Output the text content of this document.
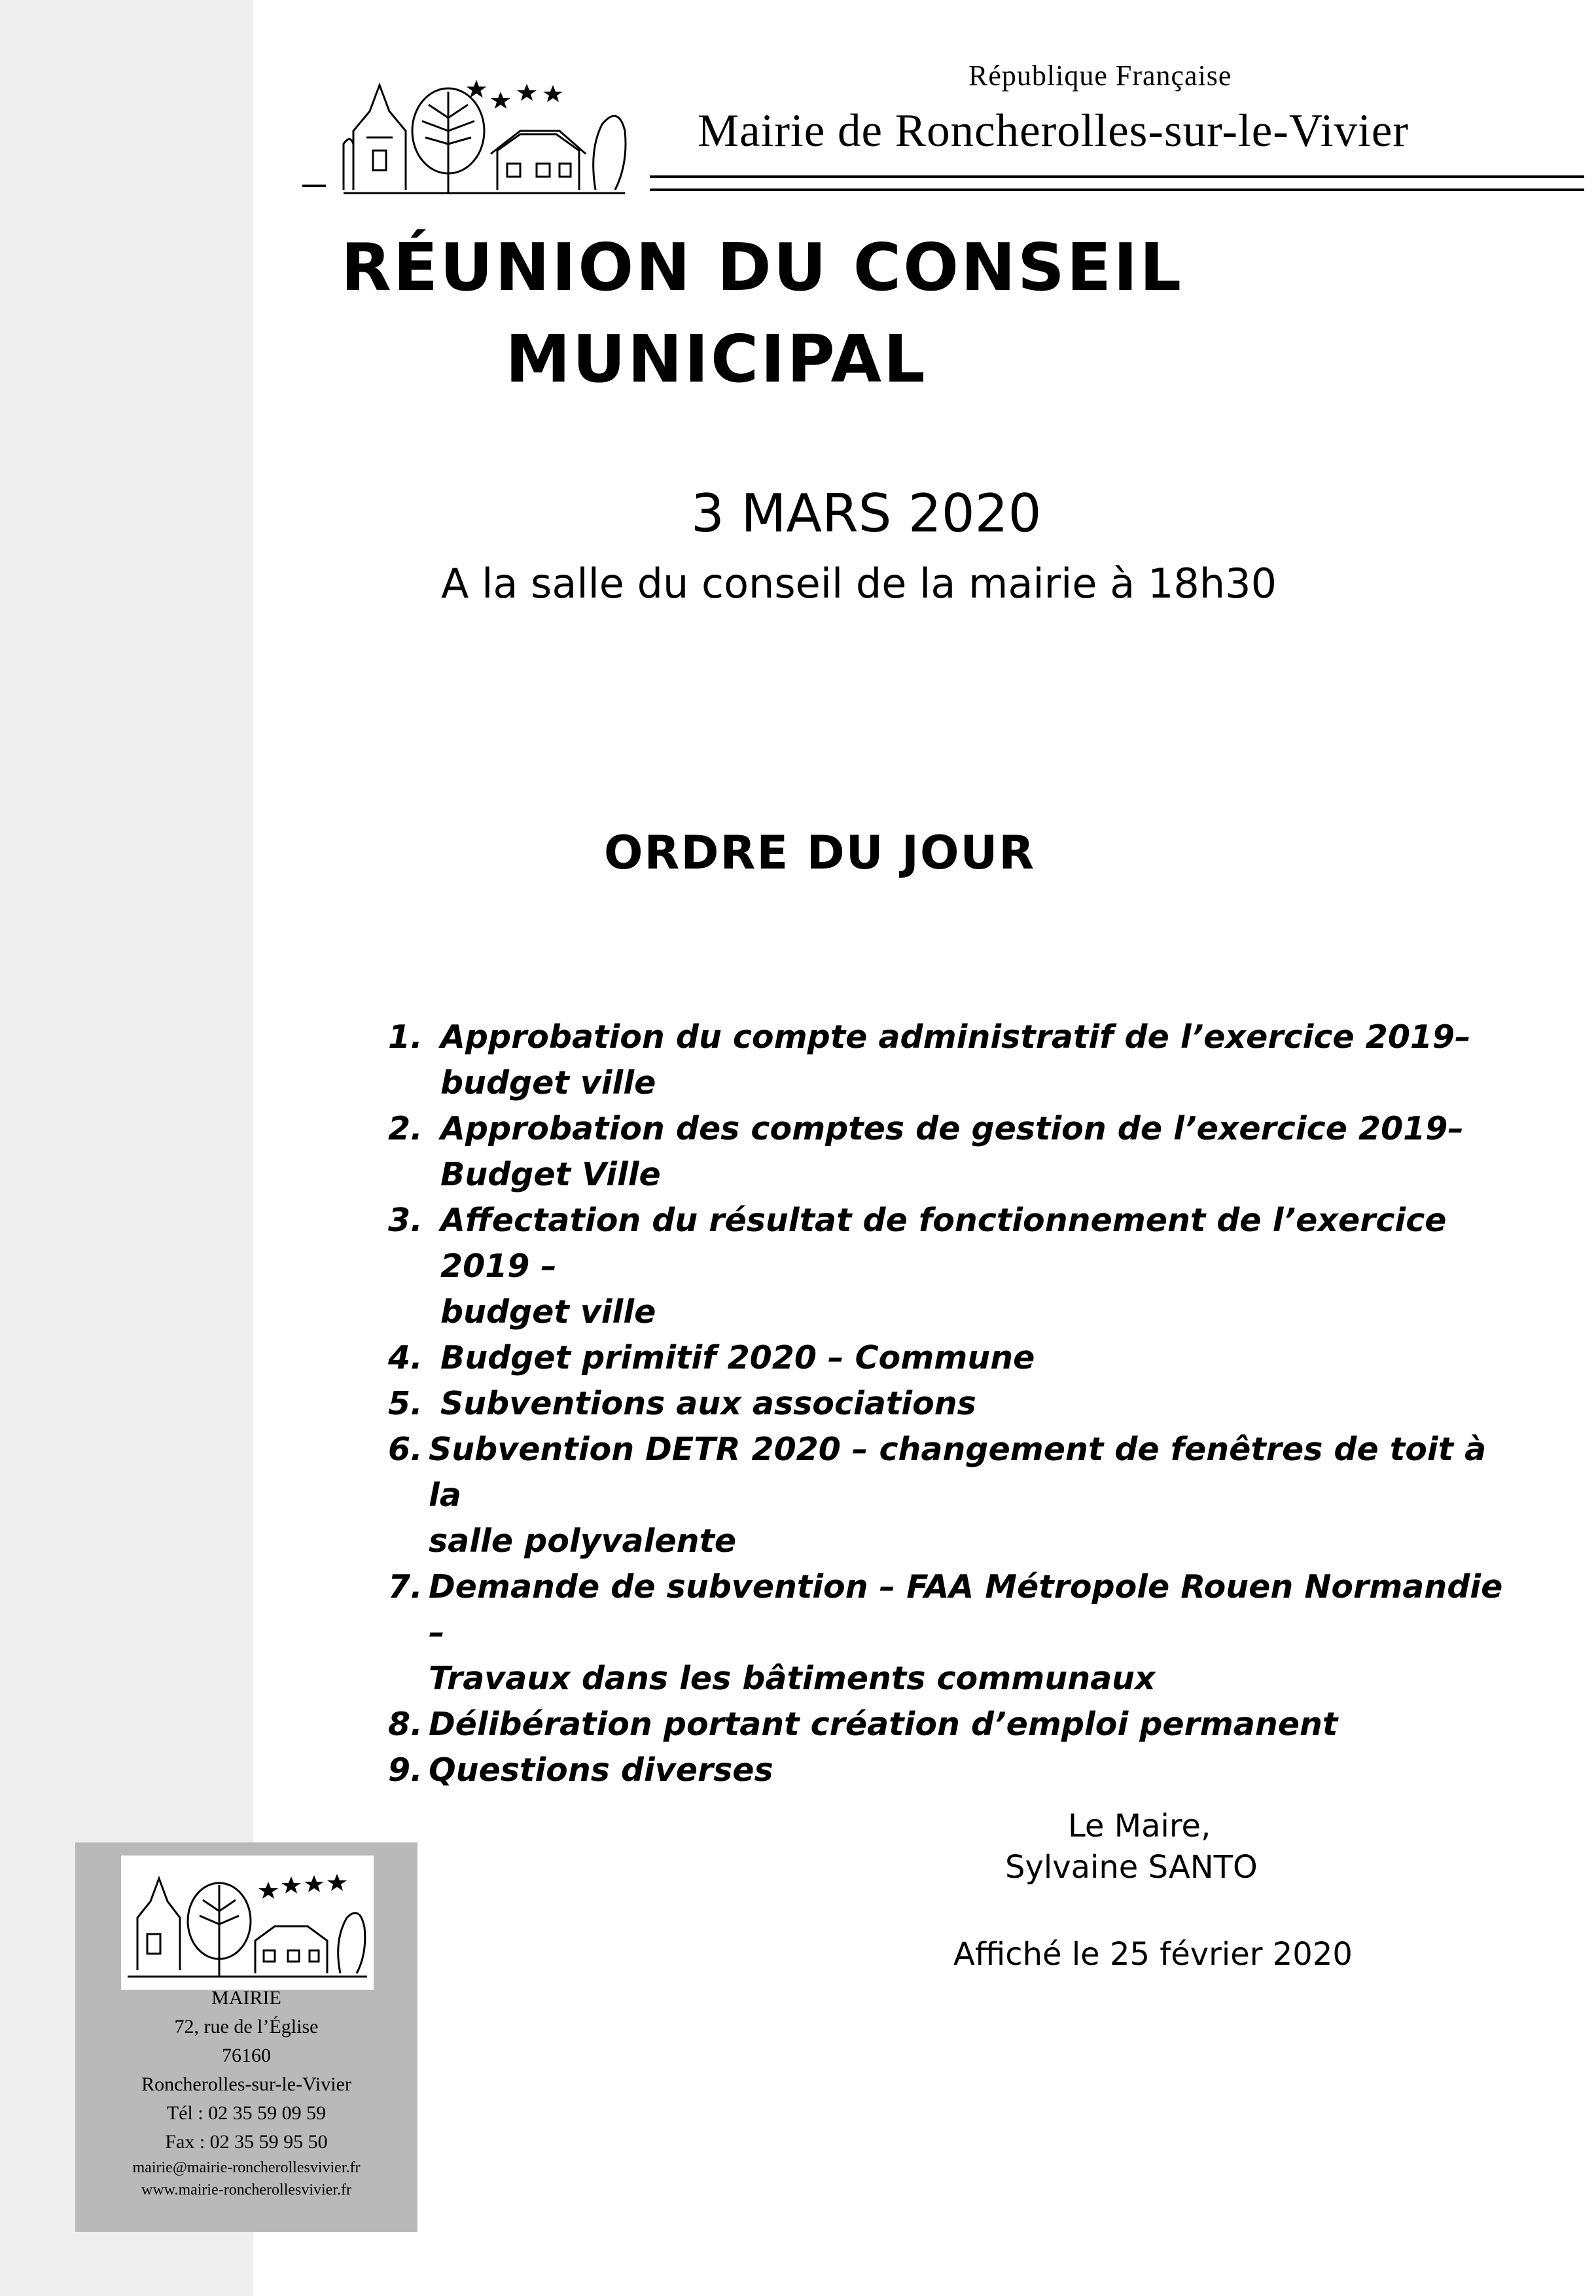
République Française
Mairie de Roncherolles-sur-le-Vivier
RÉUNION DU CONSEIL
MUNICIPAL
3 MARS 2020
A la salle du conseil de la mairie à 18h30
ORDRE DU JOUR
1. Approbation du compte administratif de l’exercice 2019–
budget ville
2. Approbation des comptes de gestion de l’exercice 2019–
Budget Ville
3. Affectation du résultat de fonctionnement de l’exercice 2019 –
budget ville
4. Budget primitif 2020 – Commune
5. Subventions aux associations
6. Subvention DETR 2020 – changement de fenêtres de toit à la
salle polyvalente
7. Demande de subvention – FAA Métropole Rouen Normandie –
Travaux dans les bâtiments communaux
8. Délibération portant création d’emploi permanent
9. Questions diverses
Le Maire,
Sylvaine SANTO
Affiché le 25 février 2020
MAIRIE
72, rue de l’Église
76160
Roncherolles-sur-le-Vivier
Tél : 02 35 59 09 59
Fax : 02 35 59 95 50
mairie@mairie-roncherollesvivier.fr
www.mairie-roncherollesvivier.fr
